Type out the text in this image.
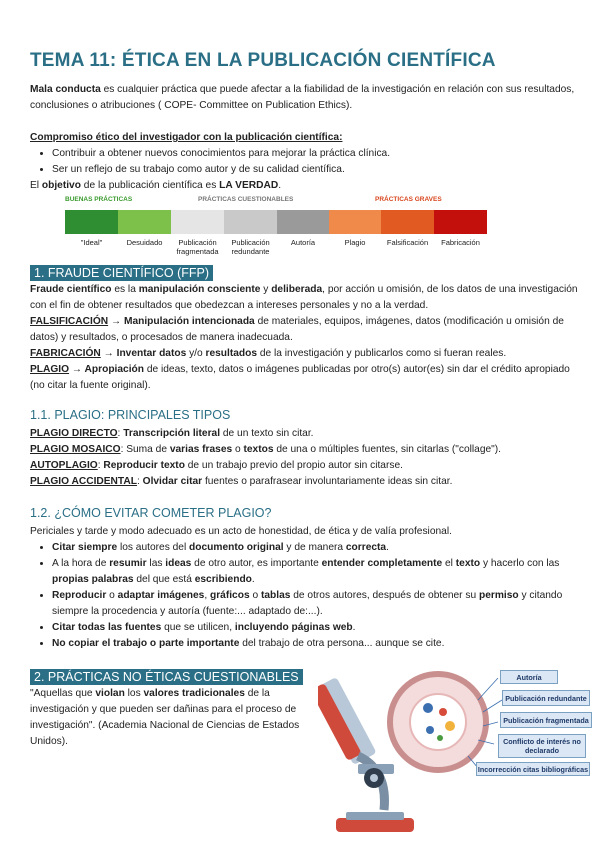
TEMA 11: ÉTICA EN LA PUBLICACIÓN CIENTÍFICA
Mala conducta es cualquier práctica que puede afectar a la fiabilidad de la investigación en relación con sus resultados, conclusiones o atribuciones ( COPE- Committee on Publication Ethics).
Compromiso ético del investigador con la publicación científica:
• Contribuir a obtener nuevos conocimientos para mejorar la práctica clínica.
• Ser un reflejo de su trabajo como autor y de su calidad científica.
El objetivo de la publicación científica es LA VERDAD.
BUENAS PRÁCTICAS	PRÁCTICAS CUESTIONABLES	PRÁCTICAS GRAVES
"Ideal"	Desuidado	Publicación fragmentada
Publicación redundante
Autoría	Plagio	Falsificación	Fabricación
1. FRAUDE CIENTÍFICO (FFP)
Fraude científico es la manipulación consciente y deliberada, por acción u omisión, de los datos de una investigación con el fin de obtener resultados que obedezcan a intereses personales y no a la verdad.
FALSIFICACIÓN → Manipulación intencionada de materiales, equipos, imágenes, datos (modificación u omisión de datos) y resultados, o procesados de manera inadecuada.
FABRICACIÓN → Inventar datos y/o resultados de la investigación y publicarlos como si fueran reales.
PLAGIO → Apropiación de ideas, texto, datos o imágenes publicadas por otro(s) autor(es) sin dar el crédito apropiado (no citar la fuente original).
1.1. PLAGIO: PRINCIPALES TIPOS
PLAGIO DIRECTO: Transcripción literal de un texto sin citar.
PLAGIO MOSAICO: Suma de varias frases o textos de una o múltiples fuentes, sin citarlas ("collage").
AUTOPLAGIO: Reproducir texto de un trabajo previo del propio autor sin citarse.
PLAGIO ACCIDENTAL: Olvidar citar fuentes o parafrasear involuntariamente ideas sin citar.
1.2. ¿CÓMO EVITAR COMETER PLAGIO?
Periciales y tarde y modo adecuado es un acto de honestidad, de ética y de valía profesional.
• Citar siempre los autores del documento original y de manera correcta.
• A la hora de resumir las ideas de otro autor, es importante entender completamente el texto y hacerlo con las propias palabras del que está escribiendo.
• Reproducir o adaptar imágenes, gráficos o tablas de otros autores, después de obtener su permiso y citando siempre la procedencia y autoría (fuente:... adaptado de:...).
• Citar todas las fuentes que se utilicen, incluyendo páginas web.
• No copiar el trabajo o parte importante del trabajo de otra persona... aunque se cite.
2. PRÁCTICAS NO ÉTICAS CUESTIONABLES
"Aquellas que violan los valores tradicionales de la investigación y que pueden ser dañinas para el proceso de investigación". (Academia Nacional de Ciencias de Estados Unidos).
Autoría
Publicación redundante
Publicación fragmentada
Conflicto de interés no declarado
Incorrección citas bibliográficas
